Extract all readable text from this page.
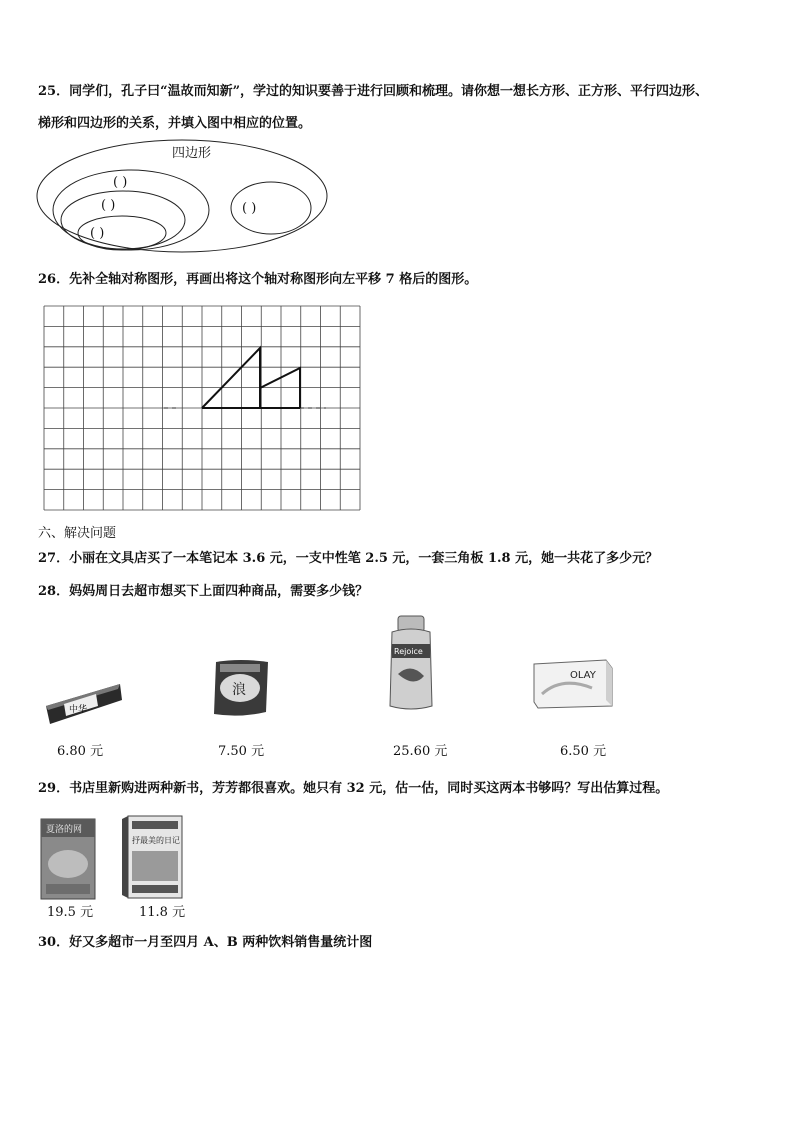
25．同学们，孔子曰“温故而知新”，学过的知识要善于进行回顾和梳理。请你想一想长方形、正方形、平行四边形、
梯形和四边形的关系，并填入图中相应的位置。
四边形
( )
( )
( )
( )
26．先补全轴对称图形，再画出将这个轴对称图形向左平移 7 格后的图形。
六、解决问题
27．小丽在文具店买了一本笔记本 3.6 元，一支中性笔 2.5 元，一套三角板 1.8 元，她一共花了多少元？
28．妈妈周日去超市想买下上面四种商品，需要多少钱？
中华
6.80 元
浪
7.50 元
Rejoice
25.60 元
OLAY
6.50 元
29．书店里新购进两种新书，芳芳都很喜欢。她只有 32 元，估一估，同时买这两本书够吗？写出估算过程。
夏洛的网
19.5 元
抒最美的日记
11.8 元
30．好又多超市一月至四月 A、B 两种饮料销售量统计图
